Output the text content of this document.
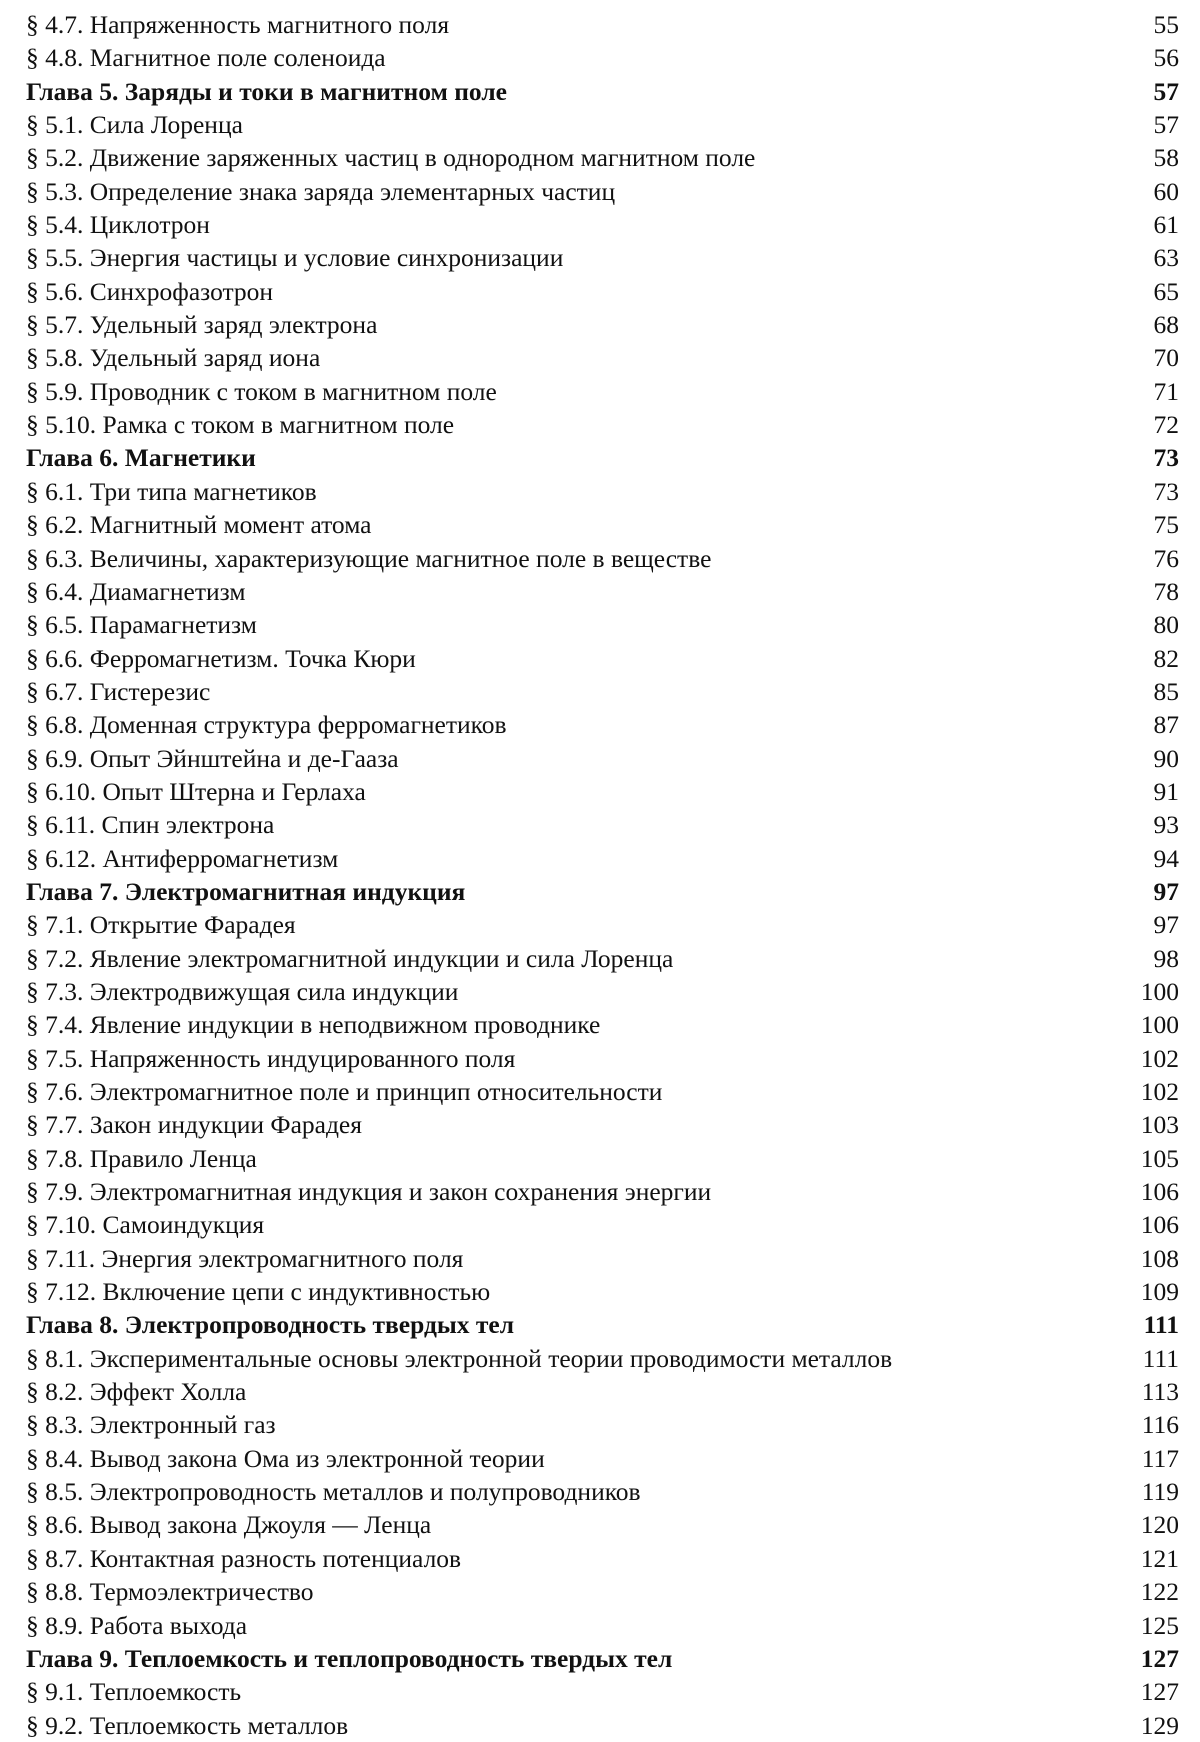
§ 4.7. Напряженность магнитного поля	55
§ 4.8. Магнитное поле соленоида	56
Глава 5. Заряды и токи в магнитном поле	57
§ 5.1. Сила Лоренца	57
§ 5.2. Движение заряженных частиц в однородном магнитном поле	58
§ 5.3. Определение знака заряда элементарных частиц	60
§ 5.4. Циклотрон	61
§ 5.5. Энергия частицы и условие синхронизации	63
§ 5.6. Синхрофазотрон	65
§ 5.7. Удельный заряд электрона	68
§ 5.8. Удельный заряд иона	70
§ 5.9. Проводник с током в магнитном поле	71
§ 5.10. Рамка с током в магнитном поле	72
Глава 6. Магнетики	73
§ 6.1. Три типа магнетиков	73
§ 6.2. Магнитный момент атома	75
§ 6.3. Величины, характеризующие магнитное поле в веществе	76
§ 6.4. Диамагнетизм	78
§ 6.5. Парамагнетизм	80
§ 6.6. Ферромагнетизм. Точка Кюри	82
§ 6.7. Гистерезис	85
§ 6.8. Доменная структура ферромагнетиков	87
§ 6.9. Опыт Эйнштейна и де-Гааза	90
§ 6.10. Опыт Штерна и Герлаха	91
§ 6.11. Спин электрона	93
§ 6.12. Антиферромагнетизм	94
Глава 7. Электромагнитная индукция	97
§ 7.1. Открытие Фарадея	97
§ 7.2. Явление электромагнитной индукции и сила Лоренца	98
§ 7.3. Электродвижущая сила индукции	100
§ 7.4. Явление индукции в неподвижном проводнике	100
§ 7.5. Напряженность индуцированного поля	102
§ 7.6. Электромагнитное поле и принцип относительности	102
§ 7.7. Закон индукции Фарадея	103
§ 7.8. Правило Ленца	105
§ 7.9. Электромагнитная индукция и закон сохранения энергии	106
§ 7.10. Самоиндукция	106
§ 7.11. Энергия электромагнитного поля	108
§ 7.12. Включение цепи с индуктивностью	109
Глава 8. Электропроводность твердых тел	111
§ 8.1. Экспериментальные основы электронной теории проводимости металлов	111
§ 8.2. Эффект Холла	113
§ 8.3. Электронный газ	116
§ 8.4. Вывод закона Ома из электронной теории	117
§ 8.5. Электропроводность металлов и полупроводников	119
§ 8.6. Вывод закона Джоуля — Ленца	120
§ 8.7. Контактная разность потенциалов	121
§ 8.8. Термоэлектричество	122
§ 8.9. Работа выхода	125
Глава 9. Теплоемкость и теплопроводность твердых тел	127
§ 9.1. Теплоемкость	127
§ 9.2. Теплоемкость металлов	129
